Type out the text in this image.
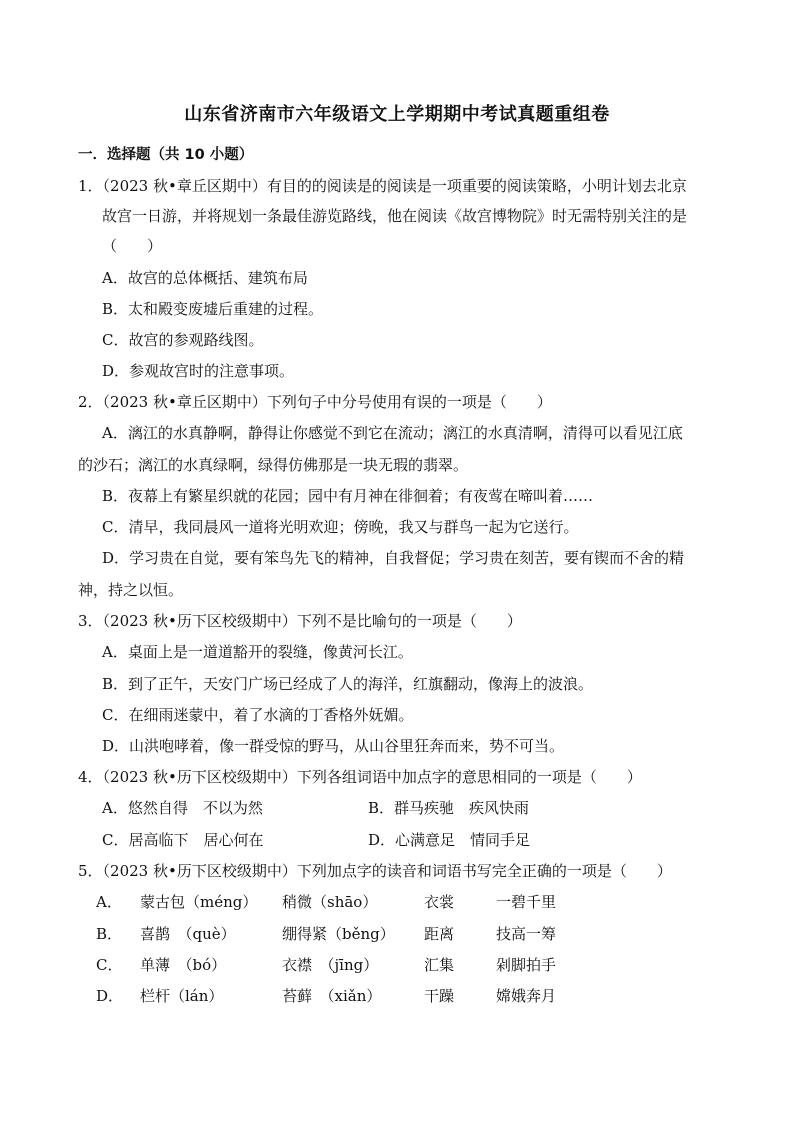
山东省济南市六年级语文上学期期中考试真题重组卷
一．选择题（共 10 小题）
1．（2023 秋•章丘区期中）有目的的阅读是的阅读是一项重要的阅读策略，小明计划去北京
故宫一日游，并将规划一条最佳游览路线，他在阅读《故宫博物院》时无需特别关注的是
（　　）
A．故宫的总体概括、建筑布局
B．太和殿变废墟后重建的过程。
C．故宫的参观路线图。
D．参观故宫时的注意事项。
2．（2023 秋•章丘区期中）下列句子中分号使用有误的一项是（　　）
A．漓江的水真静啊，静得让你感觉不到它在流动；漓江的水真清啊，清得可以看见江底
的沙石；漓江的水真绿啊，绿得仿佛那是一块无瑕的翡翠。
B．夜幕上有繁星织就的花园；园中有月神在徘徊着；有夜莺在啼叫着……
C．清早，我同晨风一道将光明欢迎；傍晚，我又与群鸟一起为它送行。
D．学习贵在自觉，要有笨鸟先飞的精神，自我督促；学习贵在刻苦，要有锲而不舍的精
神，持之以恒。
3．（2023 秋•历下区校级期中）下列不是比喻句的一项是（　　）
A．桌面上是一道道豁开的裂缝，像黄河长江。
B．到了正午，天安门广场已经成了人的海洋，红旗翻动，像海上的波浪。
C．在细雨迷蒙中，着了水滴的丁香格外妩媚。
D．山洪咆哮着，像一群受惊的野马，从山谷里狂奔而来，势不可当。
4．（2023 秋•历下区校级期中）下列各组词语中加点字的意思相同的一项是（　　）
A．悠然自得　不以为然	B．群马疾驰　疾风快雨
C．居高临下　居心何在	D．心满意足　情同手足
5．（2023 秋•历下区校级期中）下列加点字的读音和词语书写完全正确的一项是（　　）
A． 蒙古包（méng） 稍微（shāo）	衣裳	一碧千里
B． 喜鹊　（què）	绷得紧（běng） 距离	技高一筹
C． 单薄　（bó）	衣襟　（jīng）	汇集	剁脚拍手
D． 栏杆（lán）	苔藓　（xiǎn）	干躁	嫦娥奔月
